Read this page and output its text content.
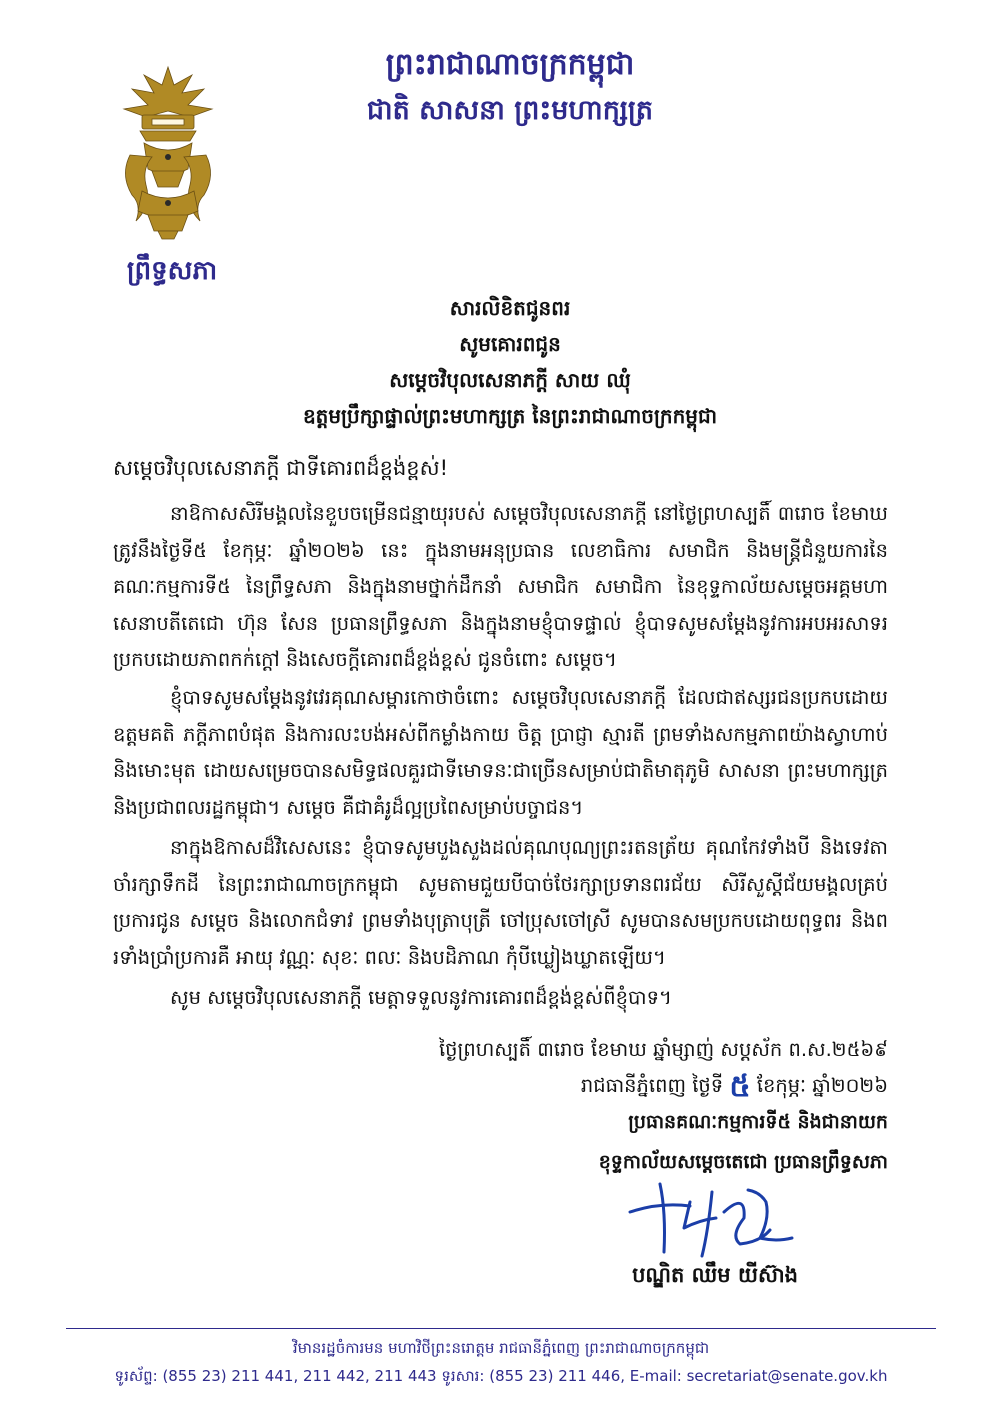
ព្រឹទ្ធសភា
ព្រះរាជាណាចក្រកម្ពុជា
ជាតិ សាសនា ព្រះមហាក្សត្រ
សារលិខិតជូនពរ
សូមគោរពជូន
សម្តេចវិបុលសេនាភក្តី សាយ ឈុំ
ឧត្តមប្រឹក្សាផ្ទាល់ព្រះមហាក្សត្រ នៃព្រះរាជាណាចក្រកម្ពុជា
សម្តេចវិបុលសេនាភក្តី ជាទីគោរពដ៏ខ្ពង់ខ្ពស់!
នាឱកាសសិរីមង្គលនៃខួបចម្រើនជន្មាយុរបស់ សម្តេចវិបុលសេនាភក្តី នៅថ្ងៃព្រហស្បតិ៍ ៣រោច ខែមាឃ ត្រូវនឹងថ្ងៃទី៥ ខែកុម្ភៈ ឆ្នាំ២០២៦ នេះ ក្នុងនាមអនុប្រធាន លេខាធិការ សមាជិក និងមន្ត្រីជំនួយការនៃគណៈកម្មការទី៥ នៃព្រឹទ្ធសភា និងក្នុងនាមថ្នាក់ដឹកនាំ សមាជិក សមាជិកា នៃខុទ្ទកាល័យសម្តេចអគ្គមហាសេនាបតីតេជោ ហ៊ុន សែន ប្រធានព្រឹទ្ធសភា និងក្នុងនាមខ្ញុំបាទផ្ទាល់ ខ្ញុំបាទសូមសម្តែងនូវការអបអរសាទរប្រកបដោយភាពកក់ក្តៅ និងសេចក្តីគោរពដ៏ខ្ពង់ខ្ពស់ ជូនចំពោះ សម្តេច។
ខ្ញុំបាទសូមសម្តែងនូវវេរគុណសម្ពារកោថាចំពោះ សម្តេចវិបុលសេនាភក្តី ដែលជាឥស្សរជនប្រកបដោយឧត្តមគតិ ភក្តីភាពបំផុត និងការលះបង់អស់ពីកម្លាំងកាយ ចិត្ត ប្រាជ្ញា ស្មារតី ព្រមទាំងសកម្មភាពយ៉ាងស្វាហាប់និងមោះមុត ដោយសម្រេចបានសមិទ្ធផលគួរជាទីមោទនៈជាច្រើនសម្រាប់ជាតិមាតុភូមិ សាសនា ព្រះមហាក្សត្រ និងប្រជាពលរដ្ឋកម្ពុជា។ សម្តេច គឺជាគំរូដ៏ល្អប្រពៃសម្រាប់បច្ចាជន។
នាក្នុងឱកាសដ៏វិសេសនេះ ខ្ញុំបាទសូមបួងសួងដល់គុណបុណ្យព្រះរតនត្រ័យ គុណកែវទាំងបី និងទេវតាចាំរក្សាទឹកដី នៃព្រះរាជាណាចក្រកម្ពុជា សូមតាមជួយបីបាច់ថែរក្សាប្រទានពរជ័យ សិរីសួស្តីជ័យមង្គលគ្រប់ប្រការជូន សម្តេច និងលោកជំទាវ ព្រមទាំងបុត្រាបុត្រី ចៅប្រុសចៅស្រី សូមបានសមប្រកបដោយពុទ្ធពរ និងពរទាំងប្រាំប្រការគឺ អាយុ វណ្ណៈ សុខៈ ពលៈ និងបដិភាណ កុំបីឃ្លៀងឃ្លាតឡើយ។
សូម សម្តេចវិបុលសេនាភក្តី មេត្តាទទួលនូវការគោរពដ៏ខ្ពង់ខ្ពស់ពីខ្ញុំបាទ។
ថ្ងៃព្រហស្បតិ៍ ៣រោច ខែមាឃ ឆ្នាំម្សាញ់ សប្តស័ក ព.ស.២៥៦៩
រាជធានីភ្នំពេញ ថ្ងៃទី ៥ ខែកុម្ភៈ ឆ្នាំ២០២៦
ប្រធានគណៈកម្មការទី៥ និងជានាយក
ខុទ្ទកាល័យសម្តេចតេជោ ប្រធានព្រឹទ្ធសភា
បណ្ឌិត ឈឹម យីស៊ាង
វិមានរដ្ឋចំការមន មហាវិថីព្រះនរោត្តម រាជធានីភ្នំពេញ ព្រះរាជាណាចក្រកម្ពុជា
ទូរស័ព្ទ: (855 23) 211 441, 211 442, 211 443 ទូរសារ: (855 23) 211 446, E-mail: secretariat@senate.gov.kh
